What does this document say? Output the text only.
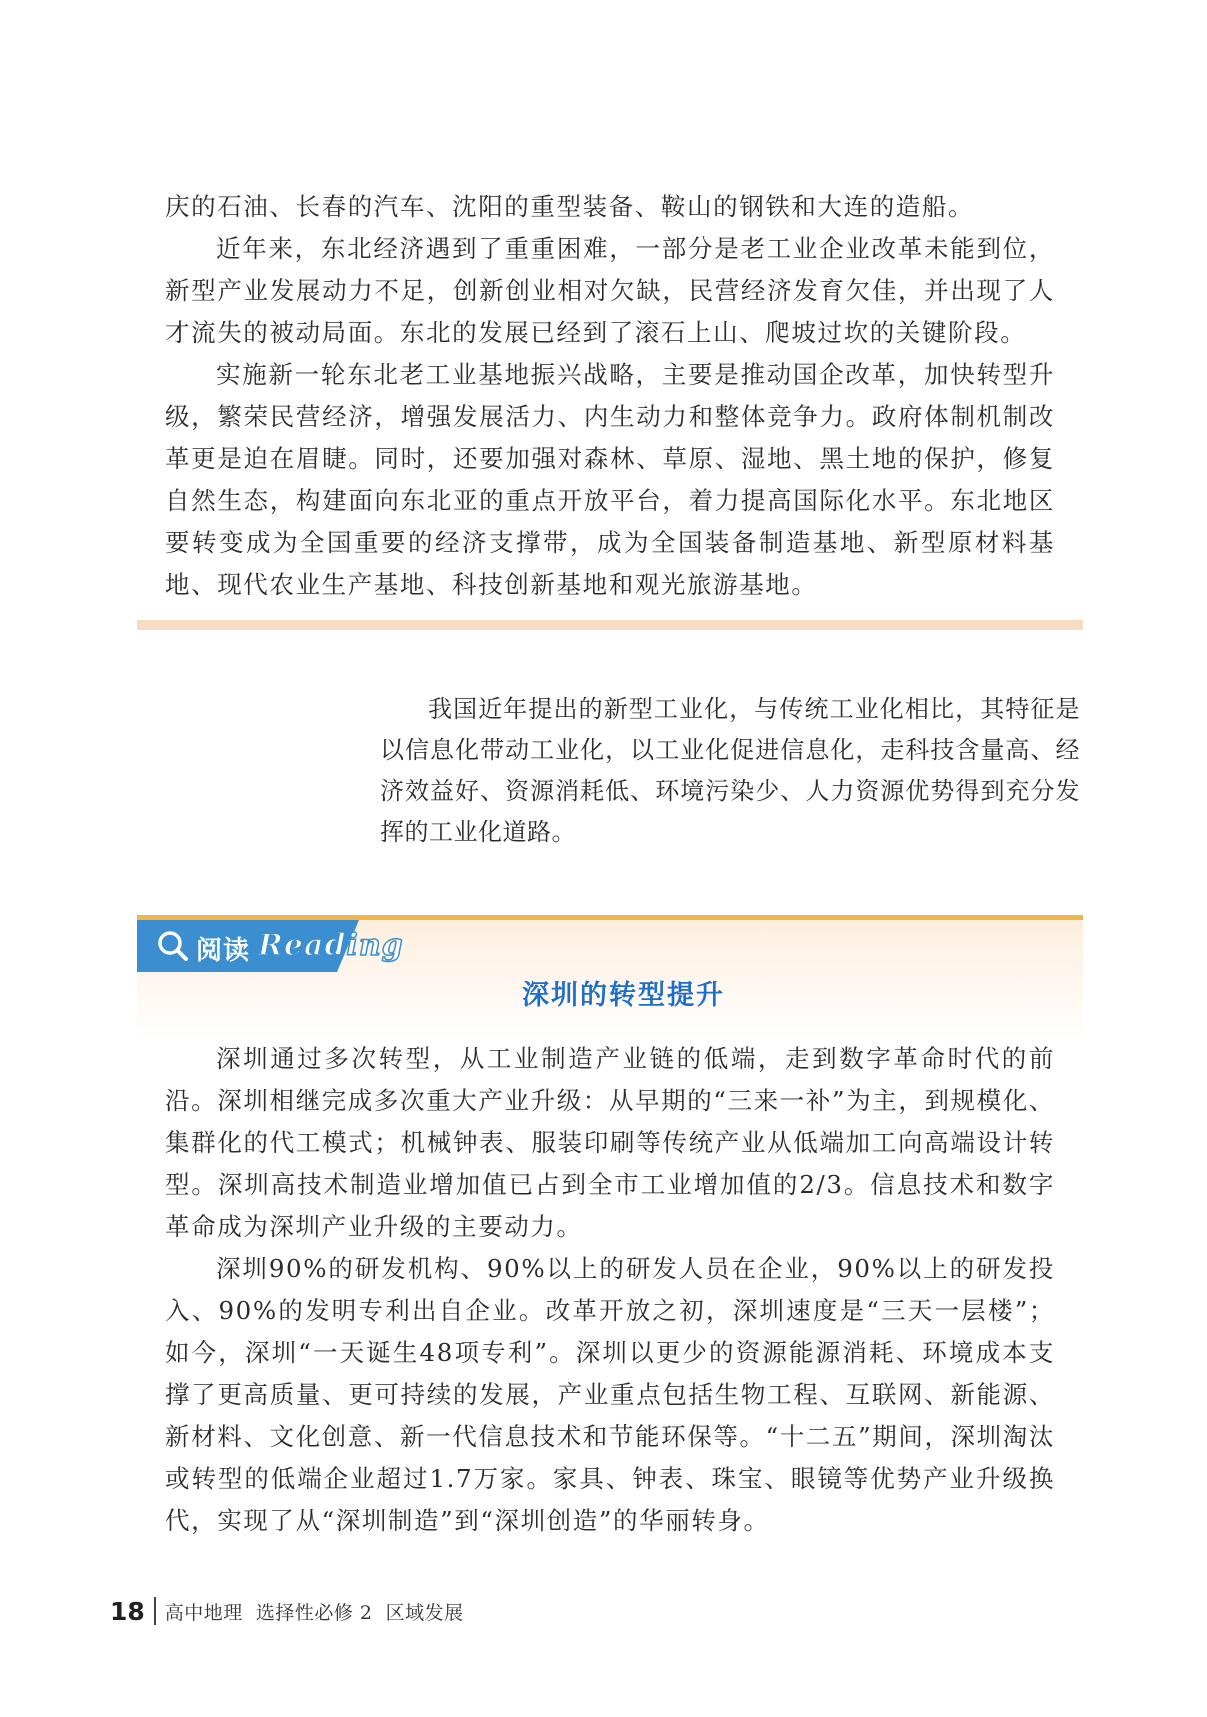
庆的石油、长春的汽车、沈阳的重型装备、鞍山的钢铁和大连的造船。

近年来，东北经济遇到了重重困难，一部分是老工业企业改革未能到位，新型产业发展动力不足，创新创业相对欠缺，民营经济发育欠佳，并出现了人才流失的被动局面。东北的发展已经到了滚石上山、爬坡过坎的关键阶段。

实施新一轮东北老工业基地振兴战略，主要是推动国企改革，加快转型升级，繁荣民营经济，增强发展活力、内生动力和整体竞争力。政府体制机制改革更是迫在眉睫。同时，还要加强对森林、草原、湿地、黑土地的保护，修复自然生态，构建面向东北亚的重点开放平台，着力提高国际化水平。东北地区要转变成为全国重要的经济支撑带，成为全国装备制造基地、新型原材料基地、现代农业生产基地、科技创新基地和观光旅游基地。

我国近年提出的新型工业化，与传统工业化相比，其特征是以信息化带动工业化，以工业化促进信息化，走科技含量高、经济效益好、资源消耗低、环境污染少、人力资源优势得到充分发挥的工业化道路。

阅读 Reading
深圳的转型提升

深圳通过多次转型，从工业制造产业链的低端，走到数字革命时代的前沿。深圳相继完成多次重大产业升级：从早期的“三来一补”为主，到规模化、集群化的代工模式；机械钟表、服装印刷等传统产业从低端加工向高端设计转型。深圳高技术制造业增加值已占到全市工业增加值的2/3。信息技术和数字革命成为深圳产业升级的主要动力。

深圳90%的研发机构、90%以上的研发人员在企业，90%以上的研发投入、90%的发明专利出自企业。改革开放之初，深圳速度是“三天一层楼”；如今，深圳“一天诞生48项专利”。深圳以更少的资源能源消耗、环境成本支撑了更高质量、更可持续的发展，产业重点包括生物工程、互联网、新能源、新材料、文化创意、新一代信息技术和节能环保等。“十二五”期间，深圳淘汰或转型的低端企业超过1.7万家。家具、钟表、珠宝、眼镜等优势产业升级换代，实现了从“深圳制造”到“深圳创造”的华丽转身。

18 高中地理  选择性必修 2  区域发展
